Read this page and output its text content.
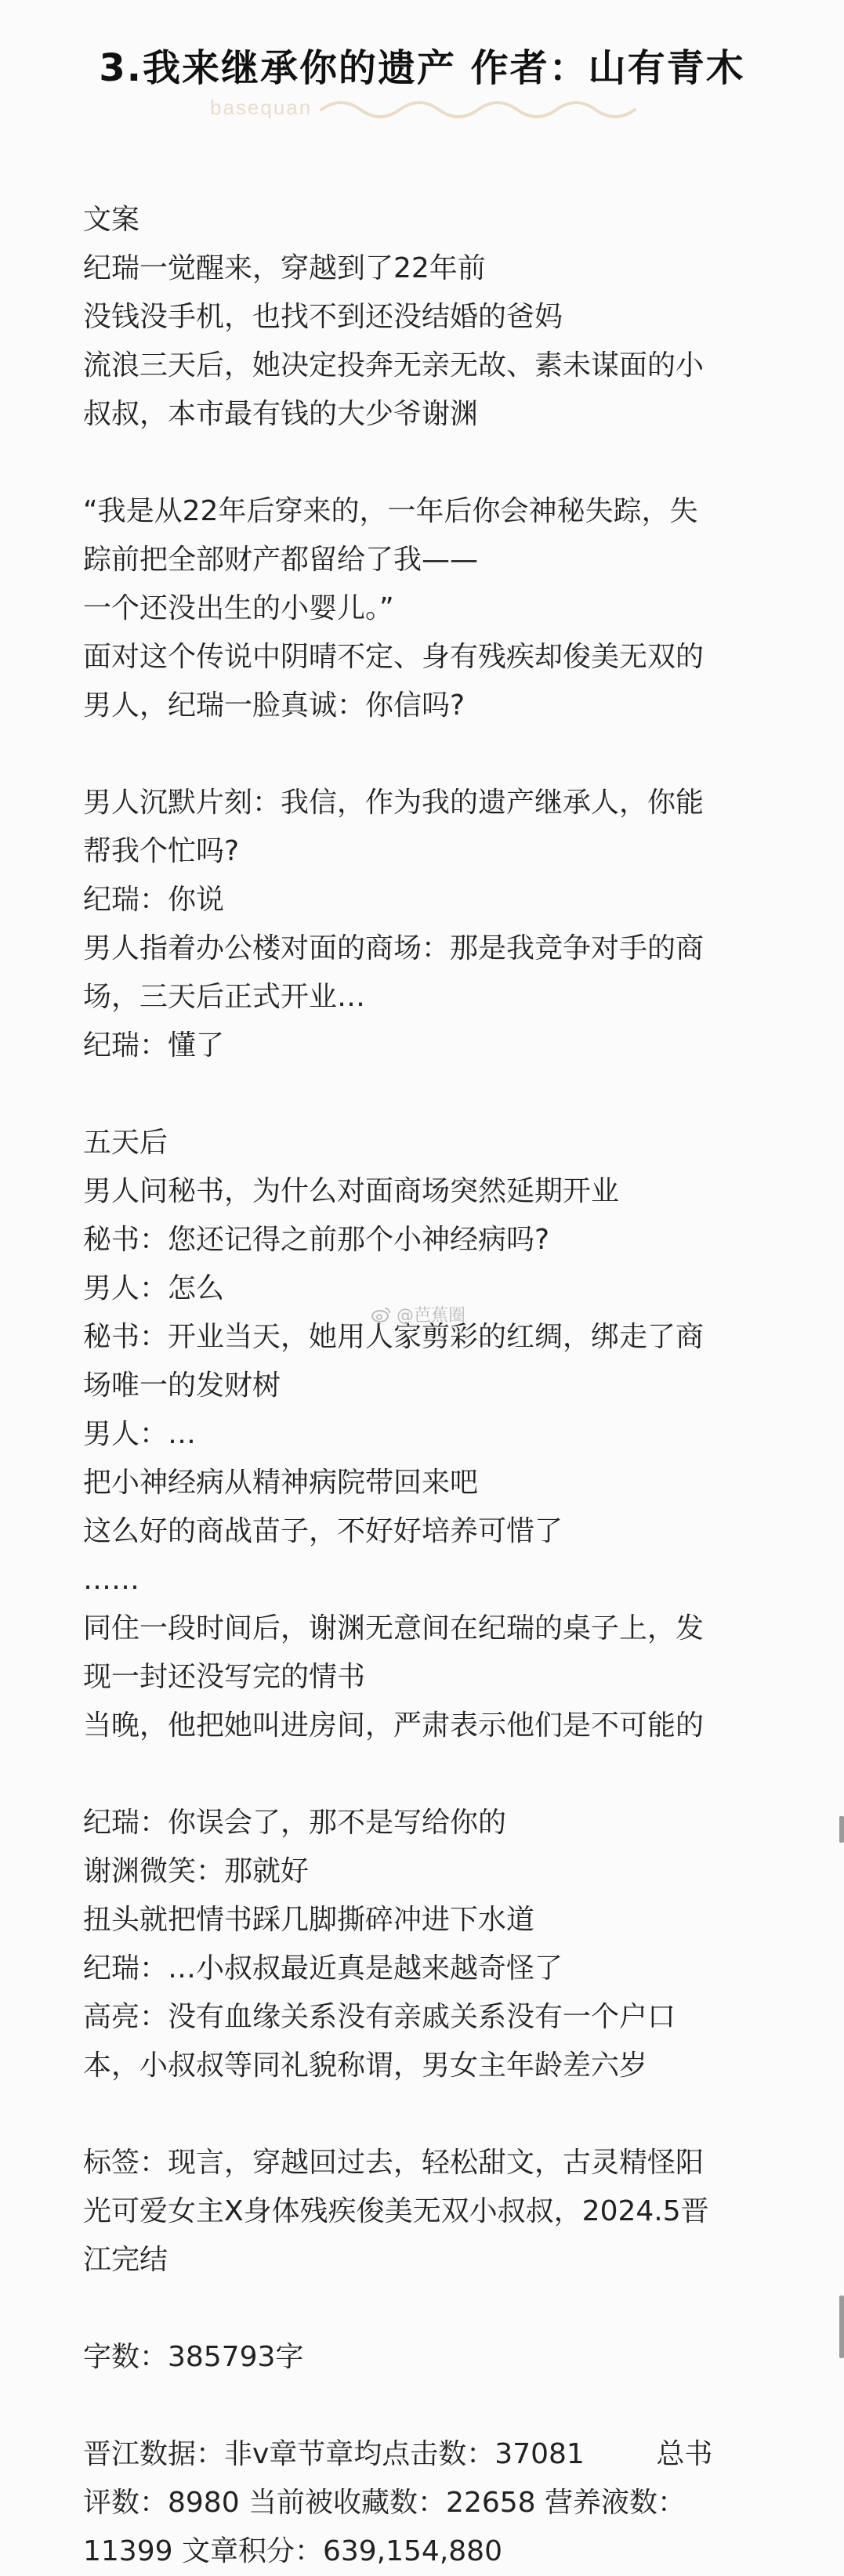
3.我来继承你的遗产 作者：山有青木
basequan
文案
纪瑞一觉醒来，穿越到了22年前
没钱没手机，也找不到还没结婚的爸妈
流浪三天后，她决定投奔无亲无故、素未谋面的小
叔叔，本市最有钱的大少爷谢渊
“我是从22年后穿来的，一年后你会神秘失踪，失
踪前把全部财产都留给了我——
一个还没出生的小婴儿。”
面对这个传说中阴晴不定、身有残疾却俊美无双的
男人，纪瑞一脸真诚：你信吗?
男人沉默片刻：我信，作为我的遗产继承人，你能
帮我个忙吗?
纪瑞：你说
男人指着办公楼对面的商场：那是我竞争对手的商
场，三天后正式开业…
纪瑞：懂了
五天后
男人问秘书，为什么对面商场突然延期开业
秘书：您还记得之前那个小神经病吗?
男人：怎么
秘书：开业当天，她用人家剪彩的红绸，绑走了商
场唯一的发财树
男人：…
把小神经病从精神病院带回来吧
这么好的商战苗子，不好好培养可惜了
……
同住一段时间后，谢渊无意间在纪瑞的桌子上，发
现一封还没写完的情书
当晚，他把她叫进房间，严肃表示他们是不可能的
纪瑞：你误会了，那不是写给你的
谢渊微笑：那就好
扭头就把情书踩几脚撕碎冲进下水道
纪瑞：…小叔叔最近真是越来越奇怪了
高亮：没有血缘关系没有亲戚关系没有一个户口
本，小叔叔等同礼貌称谓，男女主年龄差六岁
标签：现言，穿越回过去，轻松甜文，古灵精怪阳
光可爱女主X身体残疾俊美无双小叔叔，2024.5晋
江完结
字数：385793字
晋江数据：非v章节章均点击数：37081        总书
评数：8980 当前被收藏数：22658 营养液数：
11399 文章积分：639,154,880
@芭蕉圈
